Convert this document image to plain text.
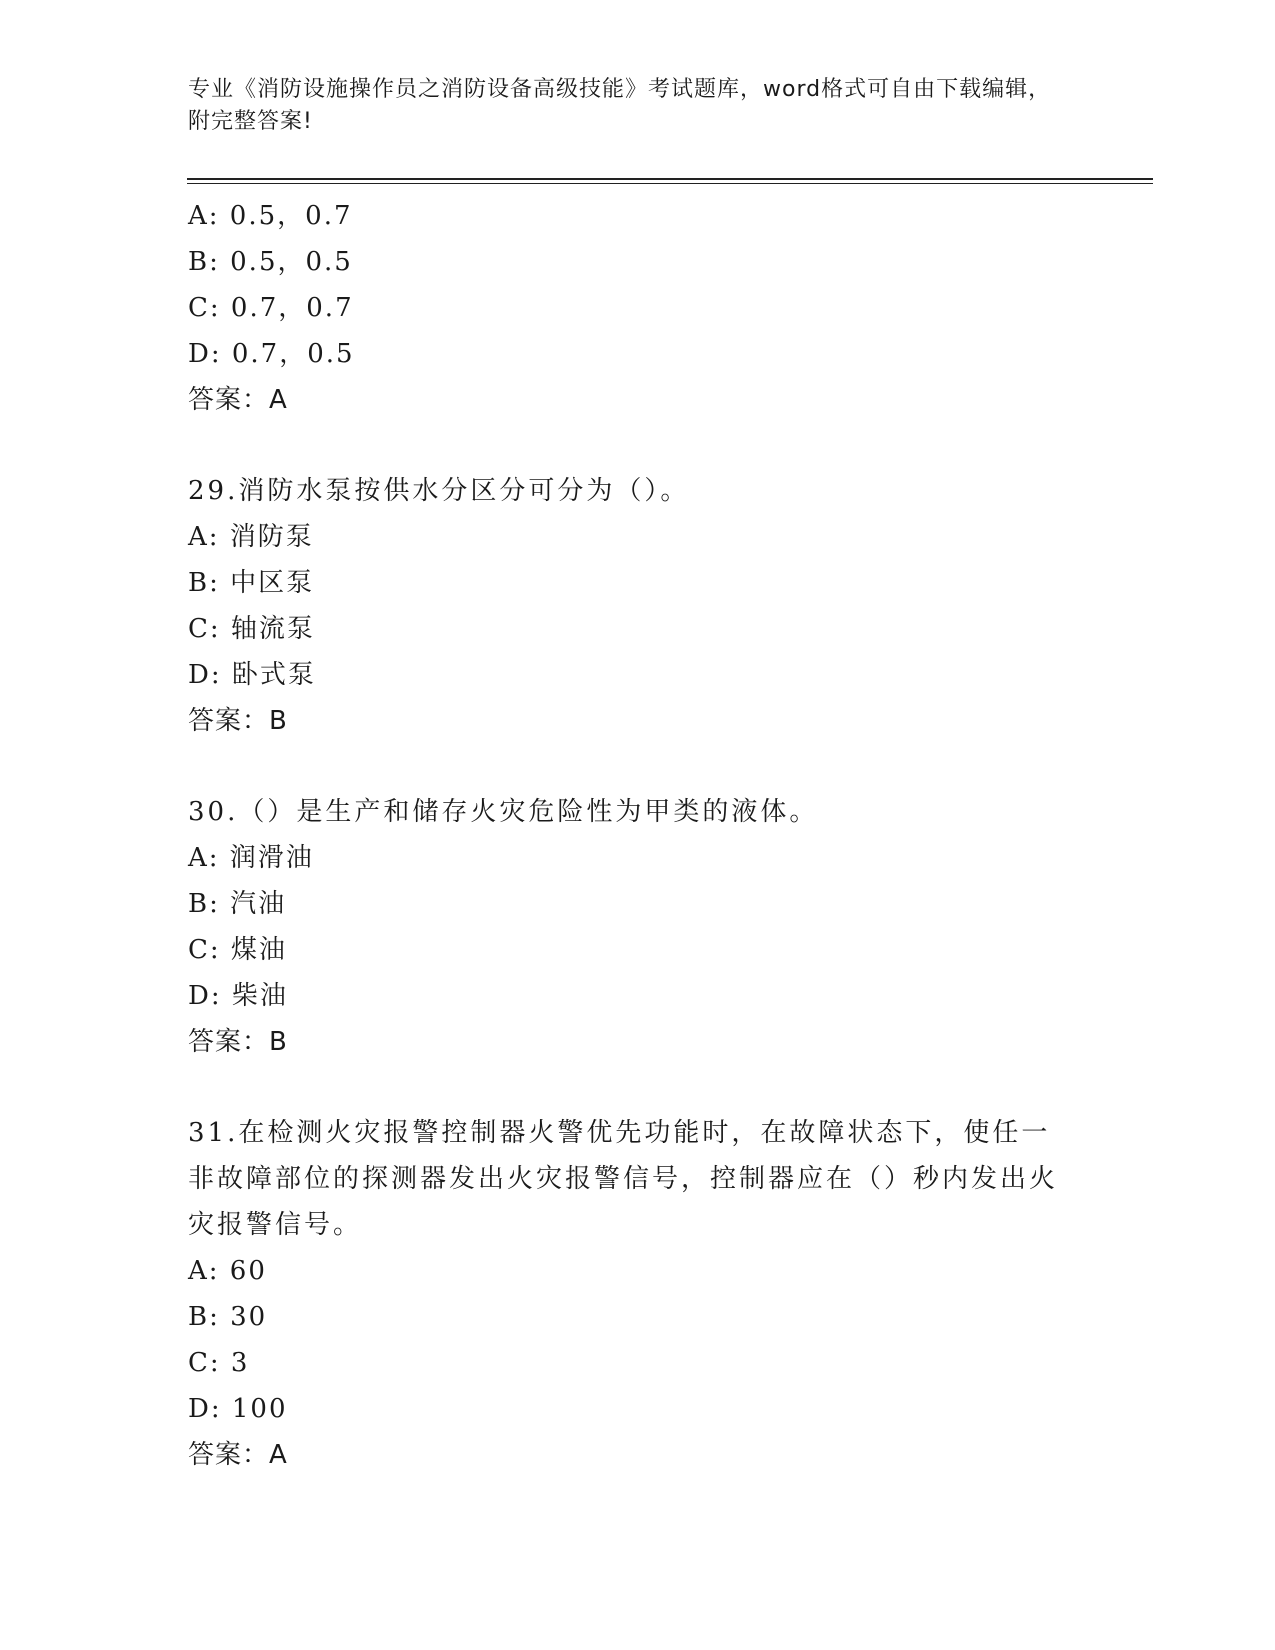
专业《消防设施操作员之消防设备高级技能》考试题库，word格式可自由下载编辑，附完整答案!
A: 0.5，0.7
B: 0.5，0.5
C: 0.7，0.7
D: 0.7，0.5
答案：A
29.消防水泵按供水分区分可分为（）。
A: 消防泵
B: 中区泵
C: 轴流泵
D: 卧式泵
答案：B
30.（）是生产和储存火灾危险性为甲类的液体。
A: 润滑油
B: 汽油
C: 煤油
D: 柴油
答案：B
31.在检测火灾报警控制器火警优先功能时，在故障状态下，使任一非故障部位的探测器发出火灾报警信号，控制器应在（）秒内发出火灾报警信号。
A: 60
B: 30
C: 3
D: 100
答案：A
